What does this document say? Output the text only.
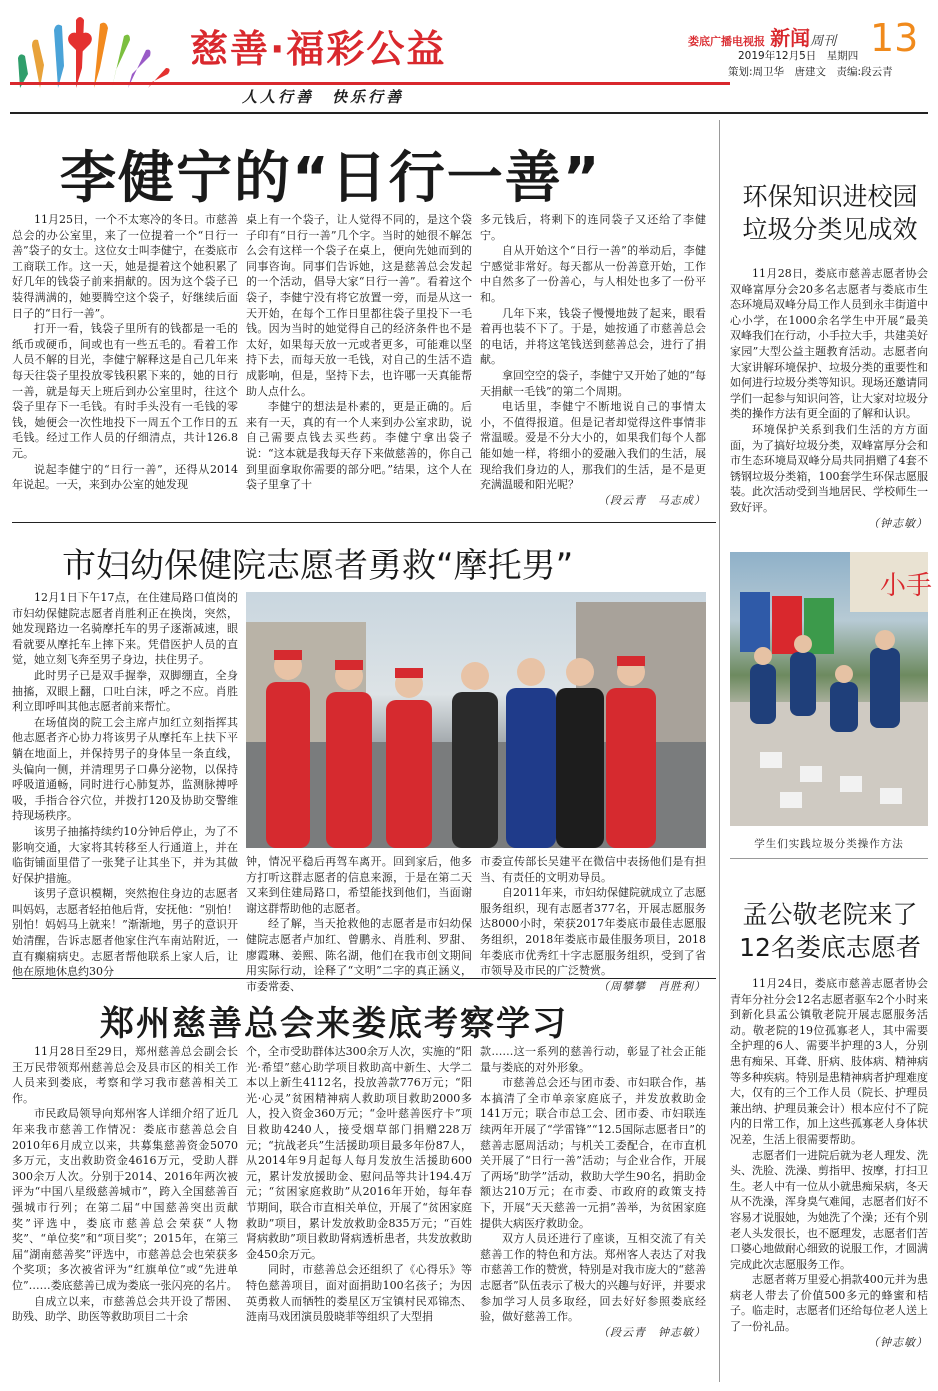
慈善·福彩公益
人人行善　快乐行善
娄底广播电视报 新闻周刊 13
2019年12月5日　星期四
策划:周卫华　唐建文　责编:段云青
李健宁的“日行一善”

11月25日，一个不太寒冷的冬日。市慈善总会的办公室里，来了一位提着一个“日行一善”袋子的女士。这位女士叫李健宁，在娄底市工商联工作。这一天，她是提着这个她积累了好几年的钱袋子前来捐献的。因为这个袋子已装得满满的，她要腾空这个袋子，好继续后面日子的“日行一善”。

打开一看，钱袋子里所有的钱都是一毛的纸币或硬币，间或也有一些五毛的。看着工作人员不解的目光，李健宁解释这是自己几年来每天往袋子里投放零钱积累下来的，她的日行一善，就是每天上班后到办公室里时，往这个袋子里存下一毛钱。有时手头没有一毛钱的零钱，她便会一次性地投下一周五个工作日的五毛钱。经过工作人员的仔细清点，共计126.8元。

说起李健宁的“日行一善”，还得从2014年说起。一天，来到办公室的她发现

桌上有一个袋子，让人觉得不同的，是这个袋子印有“日行一善”几个字。当时的她很不解怎么会有这样一个袋子在桌上，便向先她而到的同事咨询。同事们告诉她，这是慈善总会发起的一个活动，倡导大家“日行一善”。看着这个袋子，李健宁没有将它放置一旁，而是从这一天开始，在每个工作日里都往袋子里投下一毛钱。因为当时的她觉得自己的经济条件也不是太好，如果每天放一元或者更多，可能难以坚持下去，而每天放一毛钱，对自己的生活不造成影响，但是，坚持下去，也许哪一天真能帮助人点什么。

李健宁的想法是朴素的，更是正确的。后来有一天，真的有一个人来到办公室求助，说自己需要点钱去买些药。李健宁拿出袋子说：“这本就是我每天存下来做慈善的，你自己到里面拿取你需要的部分吧。”结果，这个人在袋子里拿了十

多元钱后，将剩下的连同袋子又还给了李健宁。

自从开始这个“日行一善”的举动后，李健宁感觉非常好。每天都从一份善意开始，工作中自然多了一份善心，与人相处也多了一份平和。

几年下来，钱袋子慢慢地鼓了起来，眼看着再也装不下了。于是，她按通了市慈善总会的电话，并将这笔钱送到慈善总会，进行了捐献。

拿回空空的袋子，李健宁又开始了她的“每天捐献一毛钱”的第二个周期。

电话里，李健宁不断地说自己的事情太小，不值得报道。但是记者却觉得这件事情非常温暖。爱是不分大小的，如果我们每个人都能如她一样，将细小的爱融入我们的生活，展现给我们身边的人，那我们的生活，是不是更充满温暖和阳光呢？

（段云青　马志成）

市妇幼保健院志愿者勇救“摩托男”

12月1日下午17点，在住建局路口值岗的市妇幼保健院志愿者肖胜利正在换岗，突然，她发现路边一名骑摩托车的男子逐渐减速，眼看就要从摩托车上摔下来。凭借医护人员的直觉，她立刻飞奔至男子身边，扶住男子。

此时男子已是双手握拳，双脚绷直，全身抽搐，双眼上翻，口吐白沫，呼之不应。肖胜利立即呼叫其他志愿者前来帮忙。

在场值岗的院工会主席卢加红立刻指挥其他志愿者齐心协力将该男子从摩托车上扶下平躺在地面上，并保持男子的身体呈一条直线，头偏向一侧，并清理男子口鼻分泌物，以保持呼吸道通畅，同时进行心肺复苏，监测脉搏呼吸，手指合谷穴位，并拨打120及协助交警维持现场秩序。

该男子抽搐持续约10分钟后停止，为了不影响交通，大家将其转移至人行通道上，并在临街铺面里借了一张凳子让其坐下，并为其做好保护措施。

该男子意识模糊，突然抱住身边的志愿者叫妈妈，志愿者轻拍他后背，安抚他：“别怕！别怕！妈妈马上就来！”渐渐地，男子的意识开始清醒，告诉志愿者他家住汽车南站附近，一直有癫痫病史。志愿者帮他联系上家人后，让他在原地休息约30分

钟，情况平稳后再驾车离开。回到家后，他多方打听这群志愿者的信息来源，于是在第二天又来到住建局路口，希望能找到他们，当面谢谢这群帮助他的志愿者。

经了解，当天抢救他的志愿者是市妇幼保健院志愿者卢加红、曾鹏永、肖胜利、罗甜、廖霞琳、姜熙、陈名湖，他们在我市创文期间用实际行动，诠释了“文明”二字的真正涵义，市委常委、

市委宣传部长吴建平在微信中表扬他们是有担当、有责任的文明劝导员。

自2011年来，市妇幼保健院就成立了志愿服务组织，现有志愿者377名，开展志愿服务达8000小时，荣获2017年娄底市最佳志愿服务组织，2018年娄底市最佳服务项目，2018年娄底市优秀红十字志愿服务组织，受到了省市领导及市民的广泛赞赏。

（周攀攀　肖胜利）

郑州慈善总会来娄底考察学习

11月28日至29日，郑州慈善总会副会长王万民带领郑州慈善总会及县市区的相关工作人员来到娄底，考察和学习我市慈善相关工作。

市民政局领导向郑州客人详细介绍了近几年来我市慈善工作情况：娄底市慈善总会自2010年6月成立以来，共募集慈善资金5070多万元，支出救助资金4616万元，受助人群300余万人次。分别于2014、2016年两次被评为“中国八星级慈善城市”，跨入全国慈善百强城市行列；在第二届“中国慈善突出贡献奖”评选中，娄底市慈善总会荣获“人物奖”、“单位奖”和“项目奖”；2015年，在第三届“湖南慈善奖”评选中，市慈善总会也荣获多个奖项；多次被省评为“红旗单位”或“先进单位”……娄底慈善已成为娄底一张闪亮的名片。

自成立以来，市慈善总会共开设了帮困、助残、助学、助医等救助项目二十余

个，全市受助群体达300余万人次，实施的“阳光·希望”慈心助学项目救助高中新生、大学二本以上新生4112名，投放善款776万元；“阳光·心灵”贫困精神病人救助项目救助2000多人，投入资金360万元；“金叶慈善医疗卡”项目救助4240人，接受烟草部门捐赠228万元；“抗战老兵”生活援助项目最多年份87人，从2014年9月起每人每月发放生活援助600元，累计发放援助金、慰问品等共计194.4万元；“贫困家庭救助”从2016年开始，每年春节期间，联合市直相关单位，开展了“贫困家庭救助”项目，累计发放救助金835万元；“百姓肾病救助”项目救助肾病透析患者，共发放救助金450余万元。

同时，市慈善总会还组织了《心得乐》等特色慈善项目，面对面捐助100名孩子；为因英勇救人而牺牲的娄星区万宝镇村民邓锦杰、涟南马戏团演员殷晓菲等组织了大型捐

款……这一系列的慈善行动，彰显了社会正能量与娄底的对外形象。

市慈善总会还与团市委、市妇联合作，基本搞清了全市单亲家庭底子，并发放救助金141万元；联合市总工会、团市委、市妇联连续两年开展了“学雷锋”“12.5国际志愿者日”的慈善志愿周活动；与机关工委配合，在市直机关开展了“日行一善”活动；与企业合作，开展了两场“助学”活动，救助大学生90名，捐助金额达210万元；在市委、市政府的政策支持下，开展“天天慈善一元捐”善举，为贫困家庭提供大病医疗救助金。

双方人员还进行了座谈，互相交流了有关慈善工作的特色和方法。郑州客人表达了对我市慈善工作的赞赏，特别是对我市庞大的“慈善志愿者”队伍表示了极大的兴趣与好评，并要求参加学习人员多取经，回去好好参照娄底经验，做好慈善工作。

（段云青　钟志敏）

环保知识进校园
垃圾分类见成效

11月28日，娄底市慈善志愿者协会双峰富厚分会20多名志愿者与娄底市生态环境局双峰分局工作人员到永丰街道中心小学，在1000余名学生中开展“最美双峰我们在行动，小手拉大手，共建美好家园”大型公益主题教育活动。志愿者向大家讲解环境保护、垃圾分类的重要性和如何进行垃圾分类等知识。现场还邀请同学们一起参与知识问答，让大家对垃圾分类的操作方法有更全面的了解和认识。

环境保护关系到我们生活的方方面面，为了搞好垃圾分类，双峰富厚分会和市生态环境局双峰分局共同捐赠了4套不锈钢垃圾分类箱，100套学生环保志愿服装。此次活动受到当地居民、学校师生一致好评。

（钟志敏）

小手
学生们实践垃圾分类操作方法
孟公敬老院来了
12名娄底志愿者

11月24日，娄底市慈善志愿者协会青年分社分会12名志愿者驱车2个小时来到新化县孟公镇敬老院开展志愿服务活动。敬老院的19位孤寡老人，其中需要全护理的6人、需要半护理的3人，分别患有痴呆、耳聋、肝病、肢体病、精神病等多种疾病。特别是患精神病者护理难度大，仅有的三个工作人员（院长、护理员兼出纳、护理员兼会计）根本应付不了院内的日常工作，加上这些孤寡老人身体状况差，生活上很需要帮助。

志愿者们一进院后就为老人理发、洗头、洗脸、洗澡、剪指甲、按摩，打扫卫生。老人中有一位从小就患痴呆病，冬天从不洗澡，浑身臭气难闻，志愿者们好不容易才说服她，为她洗了个澡；还有个别老人头发很长，也不愿理发，志愿者们苦口婆心地做耐心细致的说服工作，才圆满完成此次志愿服务工作。

志愿者蒋万里爱心捐款400元并为患病老人带去了价值500多元的蜂蜜和桔子。临走时，志愿者们还给每位老人送上了一份礼品。

（钟志敏）
